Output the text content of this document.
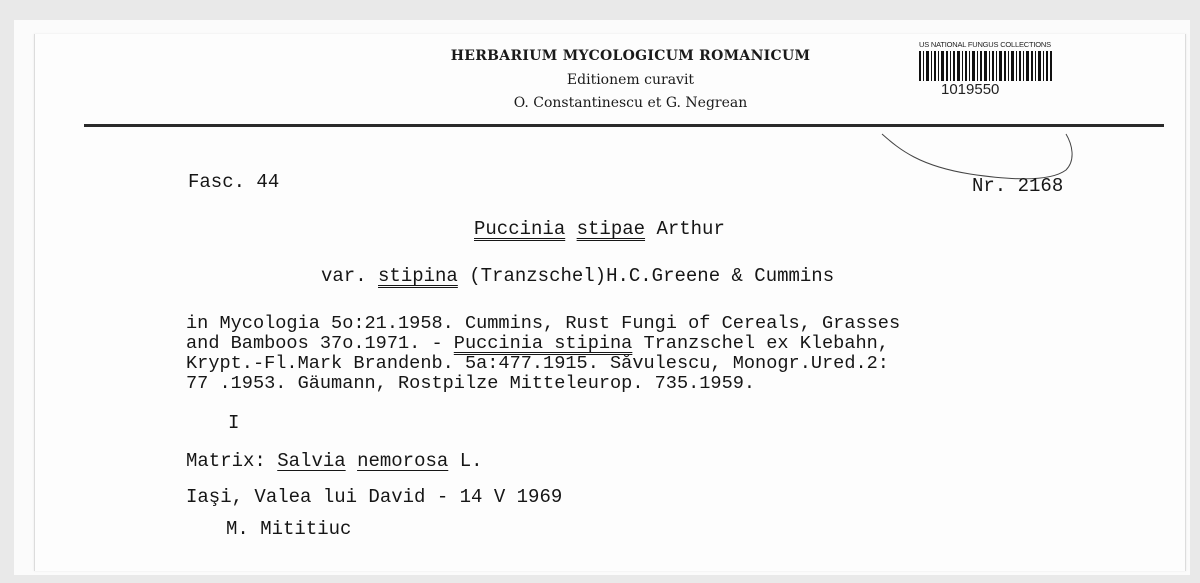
HERBARIUM MYCOLOGICUM ROMANICUM
Editionem curavit
O. Constantinescu et G. Negrean
US NATIONAL FUNGUS COLLECTIONS
1019550
Fasc. 44	Nr. 2168
Puccinia stipae Arthur
var. stipina (Tranzschel)H.C.Greene & Cummins
in Mycologia 5o:21.1958. Cummins, Rust Fungi of Cereals, Grasses
and Bamboos 37o.1971. - Puccinia stipina Tranzschel ex Klebahn,
Krypt.-Fl.Mark Brandenb. 5a:477.1915. Săvulescu, Monogr.Ured.2:
77 .1953. Gäumann, Rostpilze Mitteleurop. 735.1959.
I
Matrix: Salvia nemorosa L.
Iaşi, Valea lui David - 14 V 1969
M. Mititiuc
